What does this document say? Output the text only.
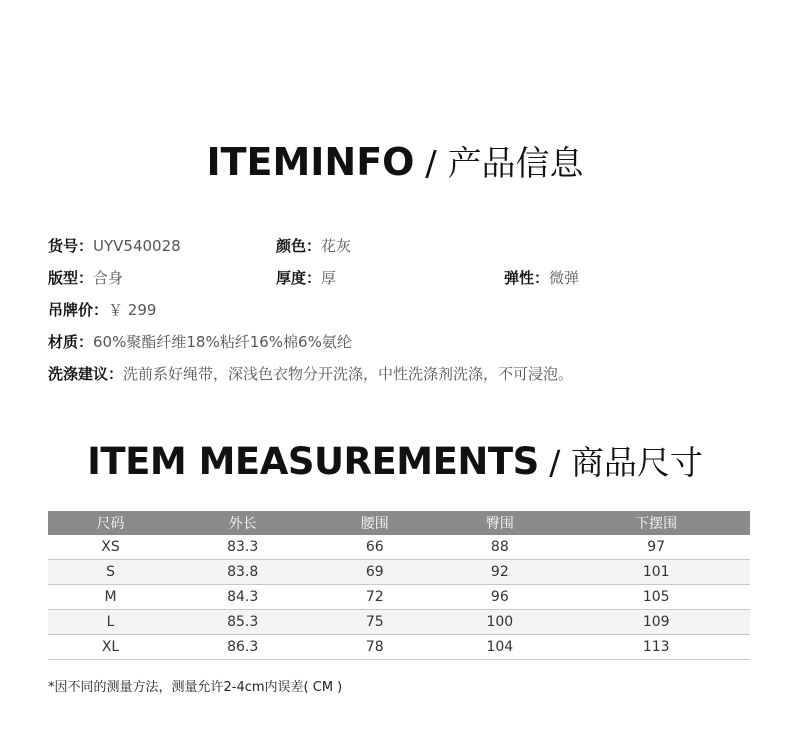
ITEMINFO / 产品信息
货号：UYV540028	颜色：花灰
版型：合身	厚度：厚	弹性：微弹
吊牌价：￥ 299
材质：60%聚酯纤维18%粘纤16%棉6%氨纶
洗涤建议：洗前系好绳带，深浅色衣物分开洗涤，中性洗涤剂洗涤，不可浸泡。
ITEM MEASUREMENTS / 商品尺寸
尺码	外长	腰围	臀围	下摆围
XS	83.3	66	88	97
S	83.8	69	92	101
M	84.3	72	96	105
L	85.3	75	100	109
XL	86.3	78	104	113
*因不同的测量方法，测量允许2-4cm内误差( CM )
